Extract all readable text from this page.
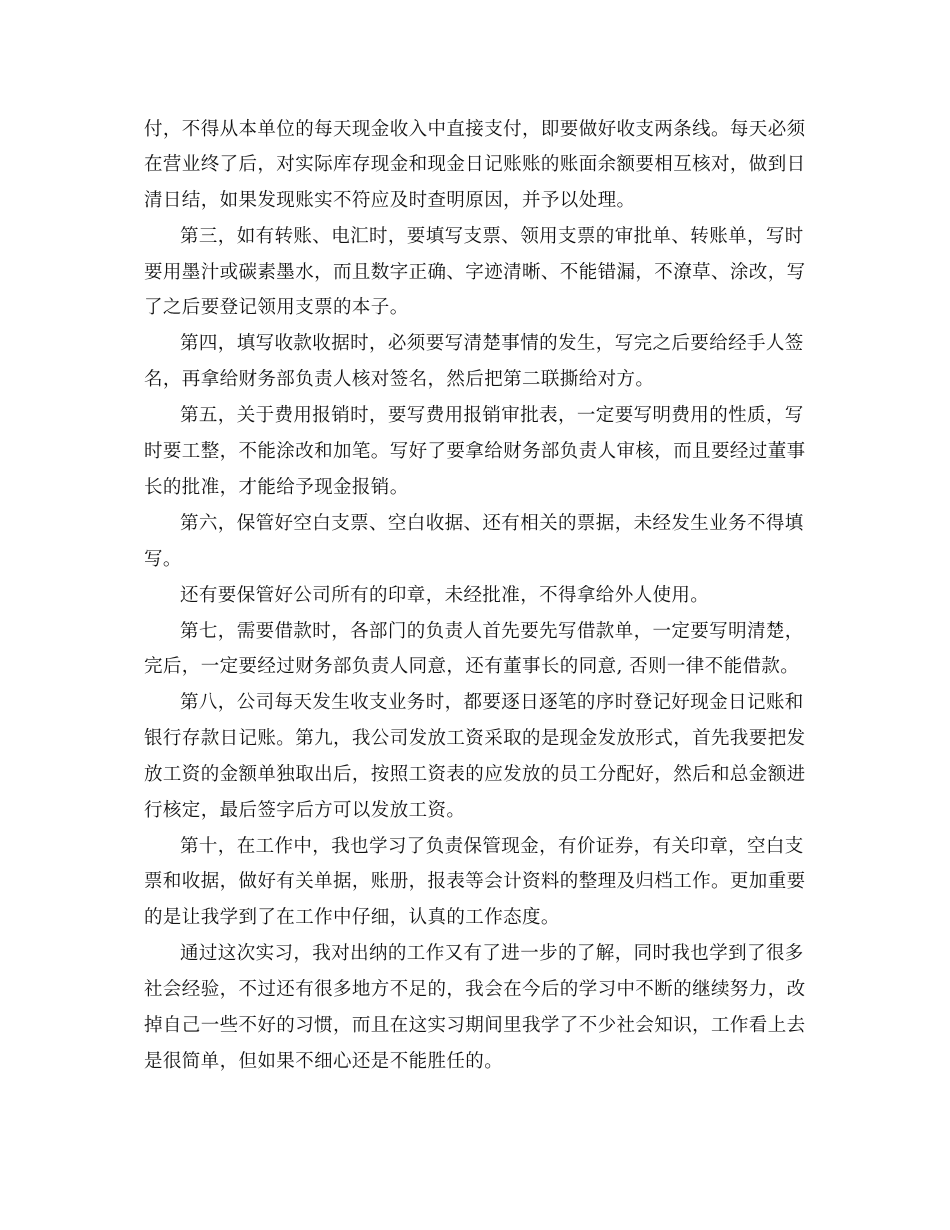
付，不得从本单位的每天现金收入中直接支付，即要做好收支两条线。每天必须
在营业终了后，对实际库存现金和现金日记账账的账面余额要相互核对，做到日
清日结，如果发现账实不符应及时查明原因，并予以处理。
第三，如有转账、电汇时，要填写支票、领用支票的审批单、转账单，写时
要用墨汁或碳素墨水，而且数字正确、字迹清晰、不能错漏，不潦草、涂改，写
了之后要登记领用支票的本子。
第四，填写收款收据时，必须要写清楚事情的发生，写完之后要给经手人签
名，再拿给财务部负责人核对签名，然后把第二联撕给对方。
第五，关于费用报销时，要写费用报销审批表，一定要写明费用的性质，写
时要工整，不能涂改和加笔。写好了要拿给财务部负责人审核，而且要经过董事
长的批准，才能给予现金报销。
第六，保管好空白支票、空白收据、还有相关的票据，未经发生业务不得填
写。
还有要保管好公司所有的印章，未经批准，不得拿给外人使用。
第七，需要借款时，各部门的负责人首先要先写借款单，一定要写明清楚，
完后，一定要经过财务部负责人同意，还有董事长的同意, 否则一律不能借款。
第八，公司每天发生收支业务时，都要逐日逐笔的序时登记好现金日记账和
银行存款日记账。第九，我公司发放工资采取的是现金发放形式，首先我要把发
放工资的金额单独取出后，按照工资表的应发放的员工分配好，然后和总金额进
行核定，最后签字后方可以发放工资。
第十，在工作中，我也学习了负责保管现金，有价证券，有关印章，空白支
票和收据，做好有关单据，账册，报表等会计资料的整理及归档工作。更加重要
的是让我学到了在工作中仔细，认真的工作态度。
通过这次实习，我对出纳的工作又有了进一步的了解，同时我也学到了很多
社会经验，不过还有很多地方不足的，我会在今后的学习中不断的继续努力，改
掉自己一些不好的习惯，而且在这实习期间里我学了不少社会知识，工作看上去
是很简单，但如果不细心还是不能胜任的。
